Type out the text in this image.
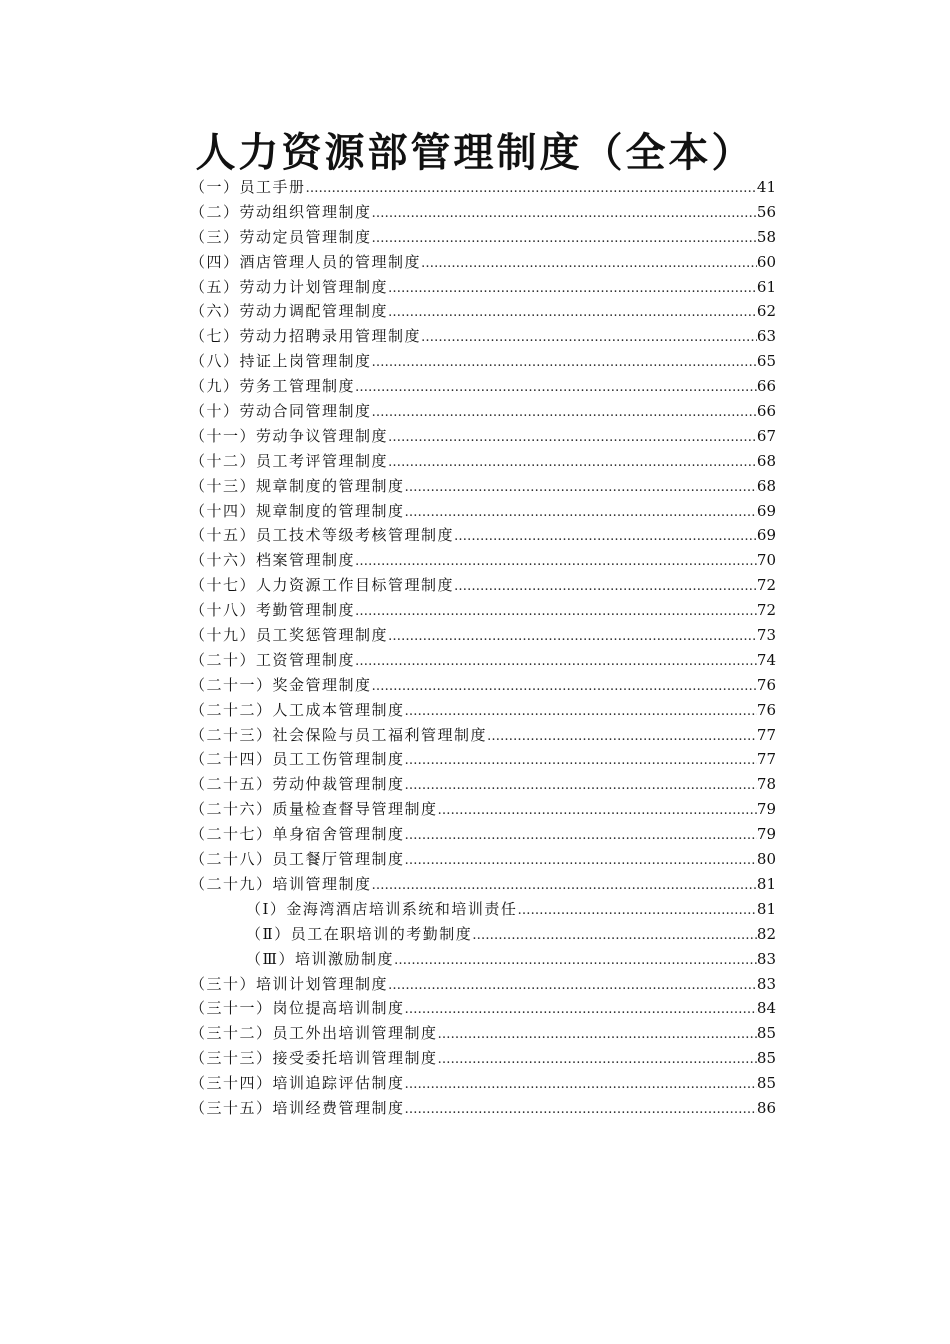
人力资源部管理制度（全本）
（一）员工手册 …………………………………………………………………………………………………………………………………………………………………………	41
（二）劳动组织管理制度 …………………………………………………………………………………………………………………………………………………………………………	56
（三）劳动定员管理制度 …………………………………………………………………………………………………………………………………………………………………………	58
（四）酒店管理人员的管理制度 …………………………………………………………………………………………………………………………………………………………………………	60
（五）劳动力计划管理制度 …………………………………………………………………………………………………………………………………………………………………………	61
（六）劳动力调配管理制度 …………………………………………………………………………………………………………………………………………………………………………	62
（七）劳动力招聘录用管理制度 …………………………………………………………………………………………………………………………………………………………………………	63
（八）持证上岗管理制度 …………………………………………………………………………………………………………………………………………………………………………	65
（九）劳务工管理制度 …………………………………………………………………………………………………………………………………………………………………………	66
（十）劳动合同管理制度 …………………………………………………………………………………………………………………………………………………………………………	66
（十一）劳动争议管理制度 …………………………………………………………………………………………………………………………………………………………………………	67
（十二）员工考评管理制度 …………………………………………………………………………………………………………………………………………………………………………	68
（十三）规章制度的管理制度 …………………………………………………………………………………………………………………………………………………………………………	68
（十四）规章制度的管理制度 …………………………………………………………………………………………………………………………………………………………………………	69
（十五）员工技术等级考核管理制度 …………………………………………………………………………………………………………………………………………………………………………	69
（十六）档案管理制度 …………………………………………………………………………………………………………………………………………………………………………	70
（十七）人力资源工作目标管理制度 …………………………………………………………………………………………………………………………………………………………………………	72
（十八）考勤管理制度 …………………………………………………………………………………………………………………………………………………………………………	72
（十九）员工奖惩管理制度 …………………………………………………………………………………………………………………………………………………………………………	73
（二十）工资管理制度 …………………………………………………………………………………………………………………………………………………………………………	74
（二十一）奖金管理制度 …………………………………………………………………………………………………………………………………………………………………………	76
（二十二）人工成本管理制度 …………………………………………………………………………………………………………………………………………………………………………	76
（二十三）社会保险与员工福利管理制度 …………………………………………………………………………………………………………………………………………………………………………	77
（二十四）员工工伤管理制度 …………………………………………………………………………………………………………………………………………………………………………	77
（二十五）劳动仲裁管理制度 …………………………………………………………………………………………………………………………………………………………………………	78
（二十六）质量检查督导管理制度 …………………………………………………………………………………………………………………………………………………………………………	79
（二十七）单身宿舍管理制度 …………………………………………………………………………………………………………………………………………………………………………	79
（二十八）员工餐厅管理制度 …………………………………………………………………………………………………………………………………………………………………………	80
（二十九）培训管理制度 …………………………………………………………………………………………………………………………………………………………………………	81
（Ⅰ）金海湾酒店培训系统和培训责任 …………………………………………………………………………………………………………………………………………………………………………	81
（Ⅱ）员工在职培训的考勤制度 …………………………………………………………………………………………………………………………………………………………………………	82
（Ⅲ）培训激励制度 …………………………………………………………………………………………………………………………………………………………………………	83
（三十）培训计划管理制度 …………………………………………………………………………………………………………………………………………………………………………	83
（三十一）岗位提高培训制度 …………………………………………………………………………………………………………………………………………………………………………	84
（三十二）员工外出培训管理制度 …………………………………………………………………………………………………………………………………………………………………………	85
（三十三）接受委托培训管理制度 …………………………………………………………………………………………………………………………………………………………………………	85
（三十四）培训追踪评估制度 …………………………………………………………………………………………………………………………………………………………………………	85
（三十五）培训经费管理制度 …………………………………………………………………………………………………………………………………………………………………………	86
